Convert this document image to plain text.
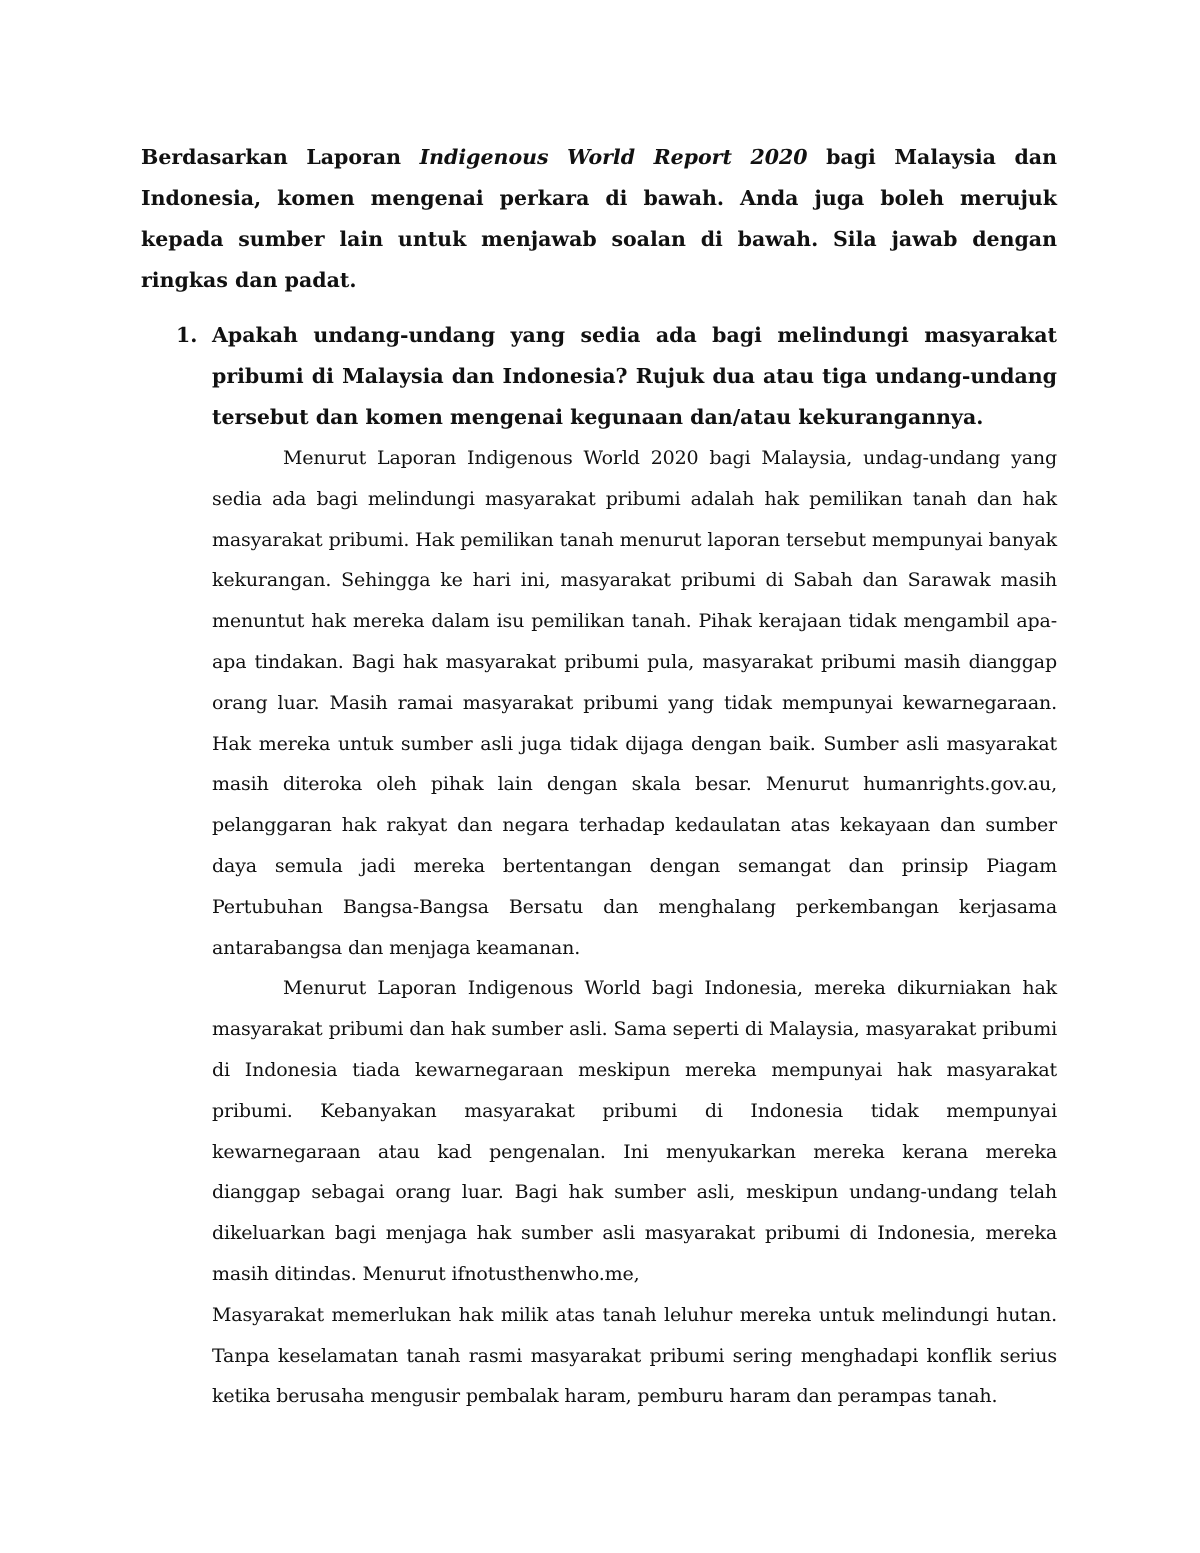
Berdasarkan Laporan Indigenous World Report 2020 bagi Malaysia dan Indonesia, komen mengenai perkara di bawah. Anda juga boleh merujuk kepada sumber lain untuk menjawab soalan di bawah. Sila jawab dengan ringkas dan padat.

1. Apakah undang-undang yang sedia ada bagi melindungi masyarakat pribumi di Malaysia dan Indonesia? Rujuk dua atau tiga undang-undang tersebut dan komen mengenai kegunaan dan/atau kekurangannya.

Menurut Laporan Indigenous World 2020 bagi Malaysia, undag-undang yang sedia ada bagi melindungi masyarakat pribumi adalah hak pemilikan tanah dan hak masyarakat pribumi. Hak pemilikan tanah menurut laporan tersebut mempunyai banyak kekurangan. Sehingga ke hari ini, masyarakat pribumi di Sabah dan Sarawak masih menuntut hak mereka dalam isu pemilikan tanah. Pihak kerajaan tidak mengambil apa-apa tindakan. Bagi hak masyarakat pribumi pula, masyarakat pribumi masih dianggap orang luar. Masih ramai masyarakat pribumi yang tidak mempunyai kewarnegaraan. Hak mereka untuk sumber asli juga tidak dijaga dengan baik. Sumber asli masyarakat masih diteroka oleh pihak lain dengan skala besar. Menurut humanrights.gov.au, pelanggaran hak rakyat dan negara terhadap kedaulatan atas kekayaan dan sumber daya semula jadi mereka bertentangan dengan semangat dan prinsip Piagam Pertubuhan Bangsa-Bangsa Bersatu dan menghalang perkembangan kerjasama antarabangsa dan menjaga keamanan.

Menurut Laporan Indigenous World bagi Indonesia, mereka dikurniakan hak masyarakat pribumi dan hak sumber asli. Sama seperti di Malaysia, masyarakat pribumi di Indonesia tiada kewarnegaraan meskipun mereka mempunyai hak masyarakat pribumi. Kebanyakan masyarakat pribumi di Indonesia tidak mempunyai kewarnegaraan atau kad pengenalan. Ini menyukarkan mereka kerana mereka dianggap sebagai orang luar. Bagi hak sumber asli, meskipun undang-undang telah dikeluarkan bagi menjaga hak sumber asli masyarakat pribumi di Indonesia, mereka masih ditindas. Menurut ifnotusthenwho.me,

Masyarakat memerlukan hak milik atas tanah leluhur mereka untuk melindungi hutan. Tanpa keselamatan tanah rasmi masyarakat pribumi sering menghadapi konflik serius ketika berusaha mengusir pembalak haram, pemburu haram dan perampas tanah.
